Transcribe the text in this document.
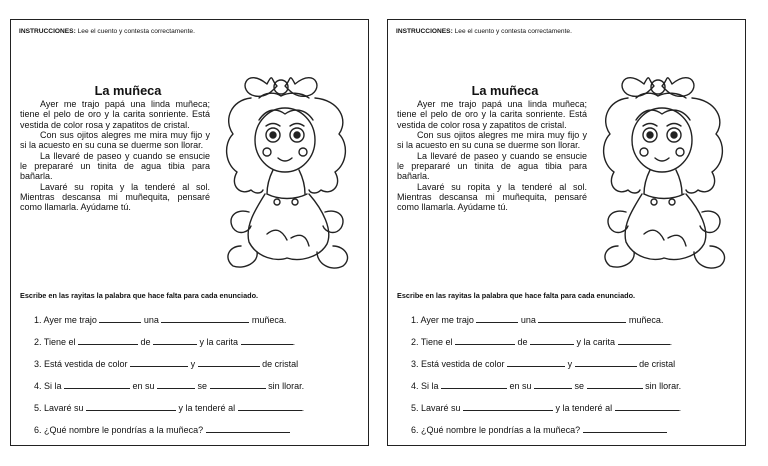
INSTRUCCIONES: Lee el cuento y contesta correctamente.
La muñeca

Ayer me trajo papá una linda muñeca; tiene el pelo de oro y la carita sonriente. Está vestida de color rosa y zapatitos de cristal.

Con sus ojitos alegres me mira muy fijo y si la acuesto en su cuna se duerme son llorar.

La llevaré de paseo y cuando se ensucie le prepararé un tinita de agua tibia para bañarla.

Lavaré su ropita y la tenderé al sol. Mientras descansa mi muñequita, pensaré como llamarla. Ayúdame tú.

Escribe en las rayitas la palabra que hace falta para cada enunciado.
1. Ayer me trajo	una	muñeca.
2. Tiene el	de	y la carita	.
3. Está vestida de color	y	de cristal
4. Si la	en su	se	sin llorar.
5. Lavaré su	y la tenderé al	.
6. ¿Qué nombre le pondrías a la muñeca?
INSTRUCCIONES: Lee el cuento y contesta correctamente.
La muñeca

Ayer me trajo papá una linda muñeca; tiene el pelo de oro y la carita sonriente. Está vestida de color rosa y zapatitos de cristal.

Con sus ojitos alegres me mira muy fijo y si la acuesto en su cuna se duerme son llorar.

La llevaré de paseo y cuando se ensucie le prepararé un tinita de agua tibia para bañarla.

Lavaré su ropita y la tenderé al sol. Mientras descansa mi muñequita, pensaré como llamarla. Ayúdame tú.

Escribe en las rayitas la palabra que hace falta para cada enunciado.
1. Ayer me trajo	una	muñeca.
2. Tiene el	de	y la carita	.
3. Está vestida de color	y	de cristal
4. Si la	en su	se	sin llorar.
5. Lavaré su	y la tenderé al	.
6. ¿Qué nombre le pondrías a la muñeca?
